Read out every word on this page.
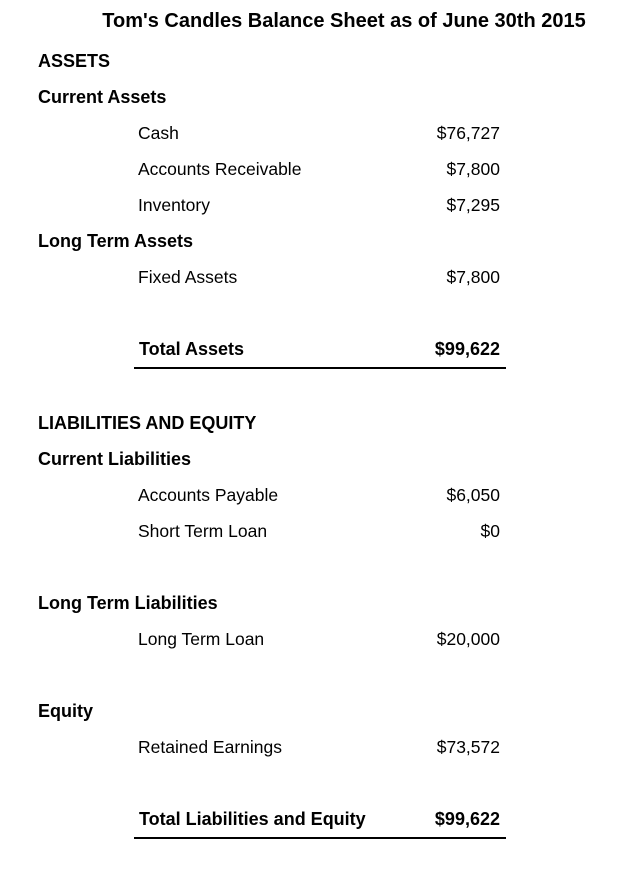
Tom's Candles Balance Sheet as of June 30th 2015
ASSETS
Current Assets
Cash	$76,727
Accounts Receivable	$7,800
Inventory	$7,295
Long Term Assets
Fixed Assets	$7,800
Total Assets	$99,622
LIABILITIES AND EQUITY
Current Liabilities
Accounts Payable	$6,050
Short Term Loan	$0
Long Term Liabilities
Long Term Loan	$20,000
Equity
Retained Earnings	$73,572
Total Liabilities and Equity	$99,622
